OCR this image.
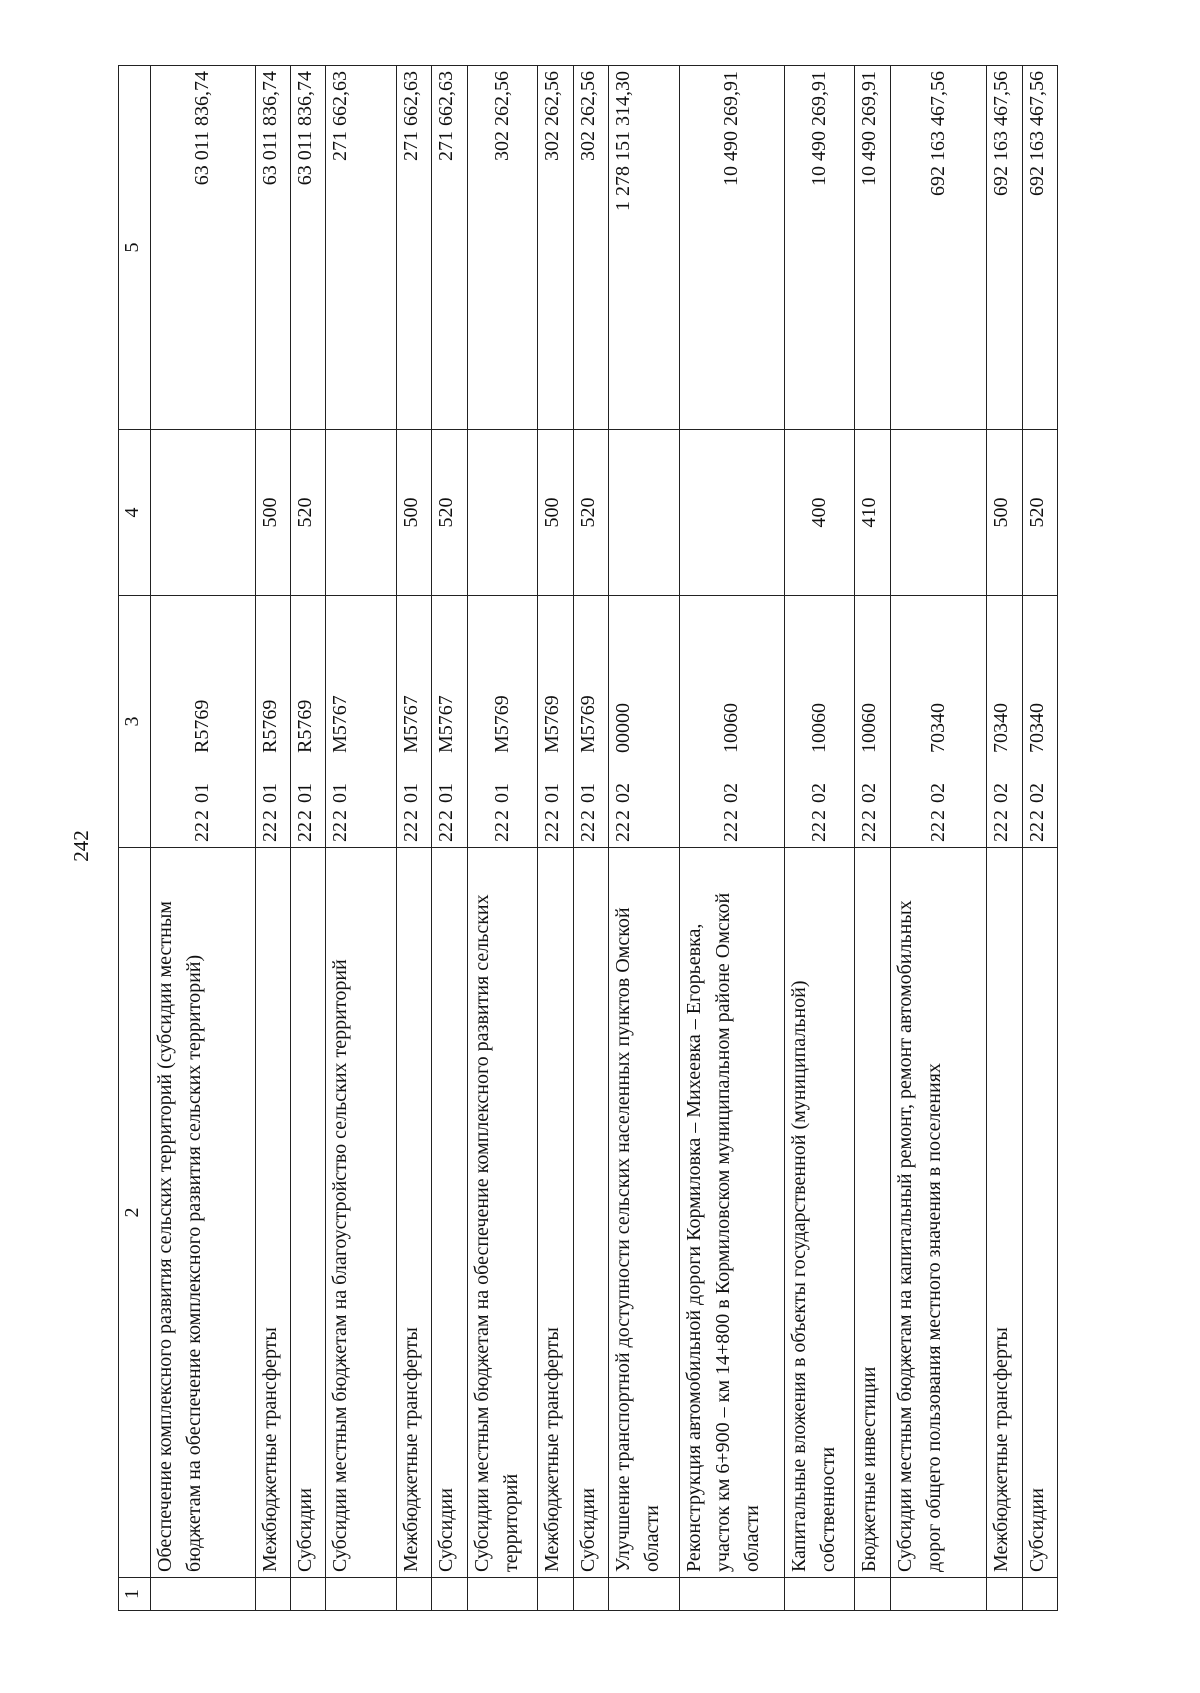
242
1	2	3	4	5
	Обеспечение комплексного развития сельских территорий (субсидии местным бюджетам на обеспечение комплексного развития сельских территорий)	22201R5769		63 011 836,74
	Межбюджетные трансферты	22201R5769	500	63 011 836,74
	Субсидии	22201R5769	520	63 011 836,74
	Субсидии местным бюджетам на благоустройство сельских территорий	22201M5767		271 662,63
	Межбюджетные трансферты	22201M5767	500	271 662,63
	Субсидии	22201M5767	520	271 662,63
	Субсидии местным бюджетам на обеспечение комплексного развития сельских территорий	22201M5769		302 262,56
	Межбюджетные трансферты	22201M5769	500	302 262,56
	Субсидии	22201M5769	520	302 262,56
	Улучшение транспортной доступности сельских населенных пунктов Омской области	2220200000		1 278 151 314,30
	Реконструкция автомобильной дороги Кормиловка – Михеевка – Егорьевка, участок км 6+900 – км 14+800 в Кормиловском муниципальном районе Омской области	2220210060		10 490 269,91
	Капитальные вложения в объекты государственной (муниципальной) собственности	2220210060	400	10 490 269,91
	Бюджетные инвестиции	2220210060	410	10 490 269,91
	Субсидии местным бюджетам на капитальный ремонт, ремонт автомобильных дорог общего пользования местного значения в поселениях	2220270340		692 163 467,56
	Межбюджетные трансферты	2220270340	500	692 163 467,56
	Субсидии	2220270340	520	692 163 467,56
